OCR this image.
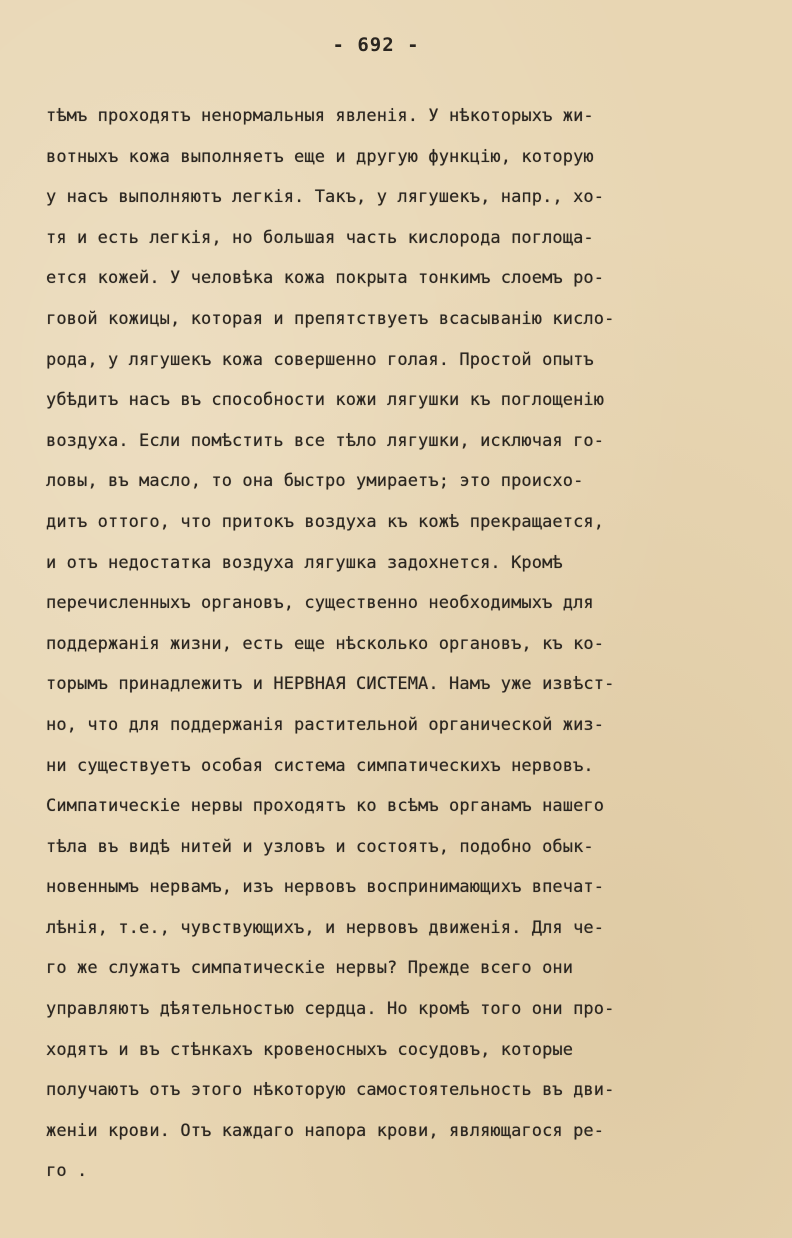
- 692 -
тѣмъ проходятъ ненормальныя явленія. У нѣкоторыхъ жи-
вотныхъ кожа выполняетъ еще и другую функцію, которую
у насъ выполняютъ легкія. Такъ, у лягушекъ, напр., хо-
тя и есть легкія, но большая часть кислорода поглоща-
ется кожей. У человѣка кожа покрыта тонкимъ слоемъ ро-
говой кожицы, которая и препятствуетъ всасыванію кисло-
рода, у лягушекъ кожа совершенно голая. Простой опытъ
убѣдитъ насъ въ способности кожи лягушки къ поглощенію
воздуха. Если помѣстить все тѣло лягушки, исключая го-
ловы, въ масло, то она быстро умираетъ; это происхо-
дитъ оттого, что притокъ воздуха къ кожѣ прекращается,
и отъ недостатка воздуха лягушка задохнется. Кромѣ
перечисленныхъ органовъ, существенно необходимыхъ для
поддержанія жизни, есть еще нѣсколько органовъ, къ ко-
торымъ принадлежитъ и НЕРВНАЯ СИСТЕМА. Намъ уже извѣст-
но, что для поддержанія растительной органической жиз-
ни существуетъ особая система симпатическихъ нервовъ.
Симпатическіе нервы проходятъ ко всѣмъ органамъ нашего
тѣла въ видѣ нитей и узловъ и состоятъ, подобно обык-
новеннымъ нервамъ, изъ нервовъ воспринимающихъ впечат-
лѣнія, т.е., чувствующихъ, и нервовъ движенія. Для че-
го же служатъ симпатическіе нервы? Прежде всего они
управляютъ дѣятельностью сердца. Но кромѣ того они про-
ходятъ и въ стѣнкахъ кровеносныхъ сосудовъ, которые
получаютъ отъ этого нѣкоторую самостоятельность въ дви-
женіи крови. Отъ каждаго напора крови, являющагося ре-
го .
